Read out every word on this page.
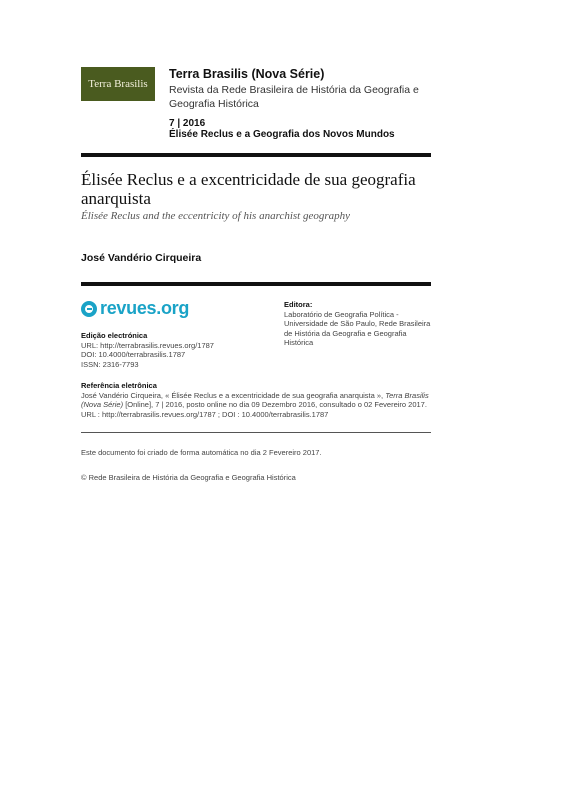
Terra Brasilis
Terra Brasilis (Nova Série)
Revista da Rede Brasileira de História da Geografia e Geografia Histórica
7 | 2016
Élisée Reclus e a Geografia dos Novos Mundos
Élisée Reclus e a excentricidade de sua geografia anarquista
Élisée Reclus and the eccentricity of his anarchist geography
José Vandério Cirqueira
revues.org
Edição electrónica
URL: http://terrabrasilis.revues.org/1787
DOI: 10.4000/terrabrasilis.1787
ISSN: 2316-7793
Editora:
Laboratório de Geografia Política - Universidade de São Paulo, Rede Brasileira de História da Geografia e Geografia Histórica
Referência eletrônica
José Vandério Cirqueira, « Élisée Reclus e a excentricidade de sua geografia anarquista », Terra Brasilis (Nova Série) [Online], 7 | 2016, posto online no dia 09 Dezembro 2016, consultado o 02 Fevereiro 2017. URL : http://terrabrasilis.revues.org/1787 ; DOI : 10.4000/terrabrasilis.1787
Este documento foi criado de forma automática no dia 2 Fevereiro 2017.
© Rede Brasileira de História da Geografia e Geografia Histórica
